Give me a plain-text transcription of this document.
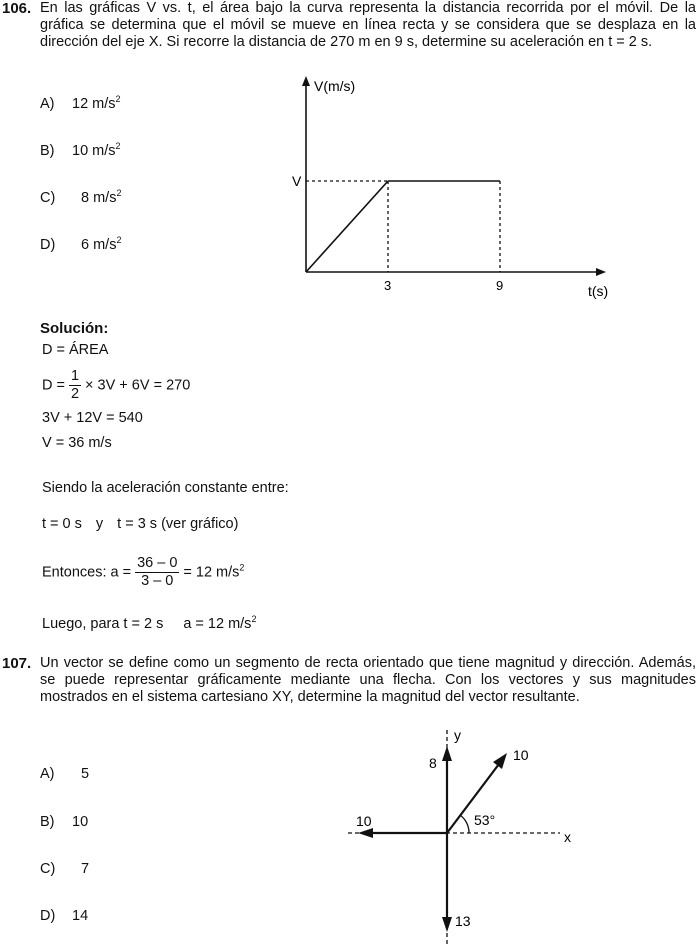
106. En las gráficas V vs. t, el área bajo la curva representa la distancia recorrida por el móvil. De la gráfica se determina que el móvil se mueve en línea recta y se considera que se desplaza en la dirección del eje X. Si recorre la distancia de 270 m en 9 s, determine su aceleración en t = 2 s.
A) 12 $m/s^2$
B) 10 $m/s^2$
C) 8 $m/s^2$
D) 6 $m/s^2$
V(m/s)
V
3	9	t(s)
Solución:
D = ÁREA
$D = \frac{1}{2} \times 3V + 6V = 270$
3V + 12V = 540
V = 36 m/s
Siendo la aceleración constante entre:
t = 0 s y t = 3 s (ver gráfico)
Entonces: $a = \frac{36 - 0}{3 - 0} = 12$ $m/s^2$
Luego, para t = 2 s a = 12 $m/s^2$
107. Un vector se define como un segmento de recta orientado que tiene magnitud y dirección. Además, se puede representar gráficamente mediante una flecha. Con los vectores y sus magnitudes mostrados en el sistema cartesiano XY, determine la magnitud del vector resultante.
A) 5
B) 10
C) 7
D) 14
y
8	10
53°
10
x
13
